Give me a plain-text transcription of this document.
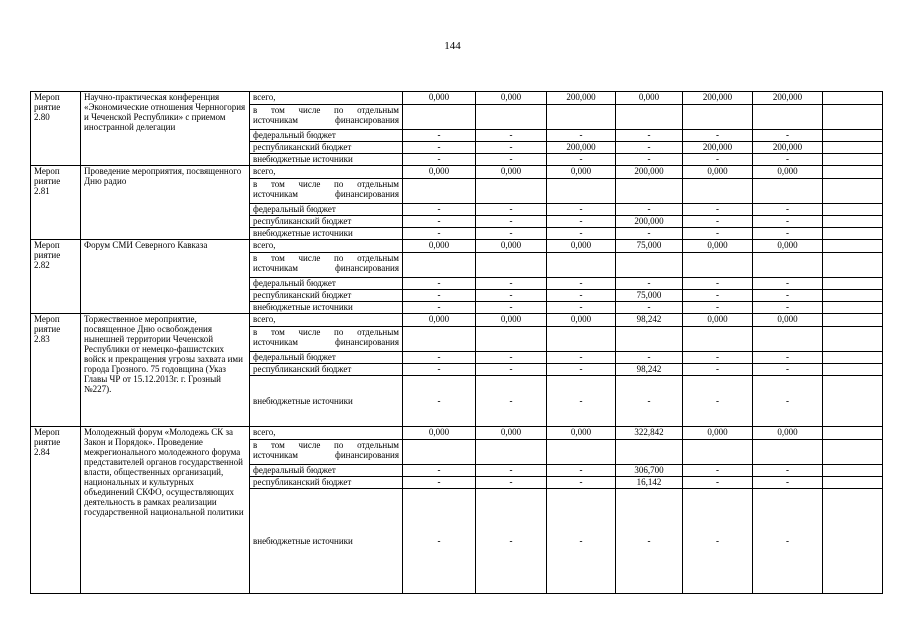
144
Мероп риятие 2.80	Научно-практическая конференция «Экономические отношения Чернногория и Чеченской Республики» с приемом иностранной делегации	всего,	0,000	0,000	200,000	0,000	200,000	200,000	
		в том числе по отдельным источникам финансирования							
		федеральный бюджет	-	-	-	-	-	-	
		республиканский бюджет	-	-	200,000	-	200,000	200,000	
		внебюджетные источники	-	-	-	-	-	-	
Мероп риятие 2.81	Проведение мероприятия, посвященного Дню радио	всего,	0,000	0,000	0,000	200,000	0,000	0,000	
		в том числе по отдельным источникам финансирования							
		федеральный бюджет	-	-	-	-	-	-	
		республиканский бюджет	-	-	-	200,000	-	-	
		внебюджетные источники	-	-	-	-	-	-	
Мероп риятие 2.82	Форум СМИ Северного Кавказа	всего,	0,000	0,000	0,000	75,000	0,000	0,000	
		в том числе по отдельным источникам финансирования							
		федеральный бюджет	-	-	-	-	-	-	
		республиканский бюджет	-	-	-	75,000	-	-	
		внебюджетные источники	-	-	-	-	-	-	
Мероп риятие 2.83	Торжественное мероприятие, посвященное Дню освобождения нынешней территории Чеченской Республики от немецко-фашистских войск и прекращения угрозы захвата ими города Грозного. 75 годовщина (Указ Главы ЧР от 15.12.2013г. г. Грозный №227).	всего,	0,000	0,000	0,000	98,242	0,000	0,000	
		в том числе по отдельным источникам финансирования							
		федеральный бюджет	-	-	-	-	-	-	
		республиканский бюджет	-	-	-	98,242	-	-	
		внебюджетные источники	-	-	-	-	-	-	
Мероп риятие 2.84	Молодежный форум «Молодежь СК за Закон и Порядок». Проведение межрегионального молодежного форума представителей органов государственной власти, общественных организаций, национальных и культурных объединений СКФО, осуществляющих деятельность в рамках реализации государственной национальной политики	всего,	0,000	0,000	0,000	322,842	0,000	0,000	
		в том числе по отдельным источникам финансирования							
		федеральный бюджет	-	-	-	306,700	-	-	
		республиканский бюджет	-	-	-	16,142	-	-	
		внебюджетные источники	-	-	-	-	-	-	
